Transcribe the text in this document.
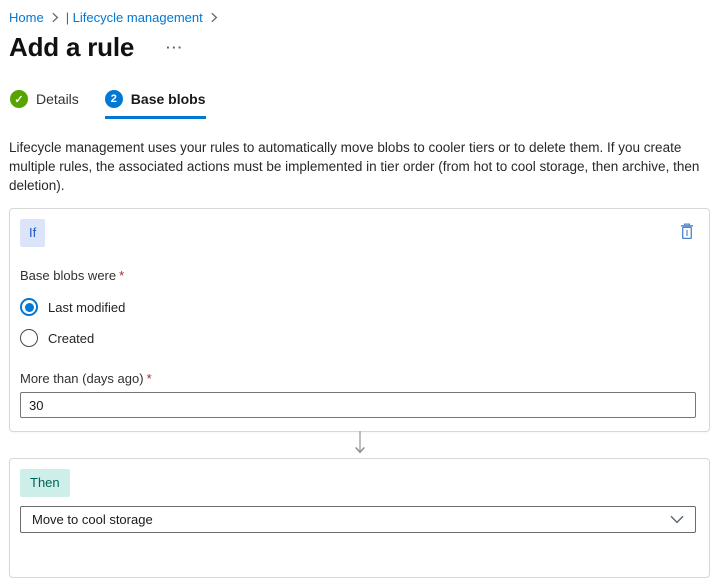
Home | Lifecycle management
Add a rule ···
✓ Details	2 Base blobs
Lifecycle management uses your rules to automatically move blobs to cooler tiers or to delete them. If you create multiple rules, the associated actions must be implemented in tier order (from hot to cool storage, then archive, then deletion).
If
Base blobs were *
Last modified
Created
More than (days ago) *
30
Then
Move to cool storage
